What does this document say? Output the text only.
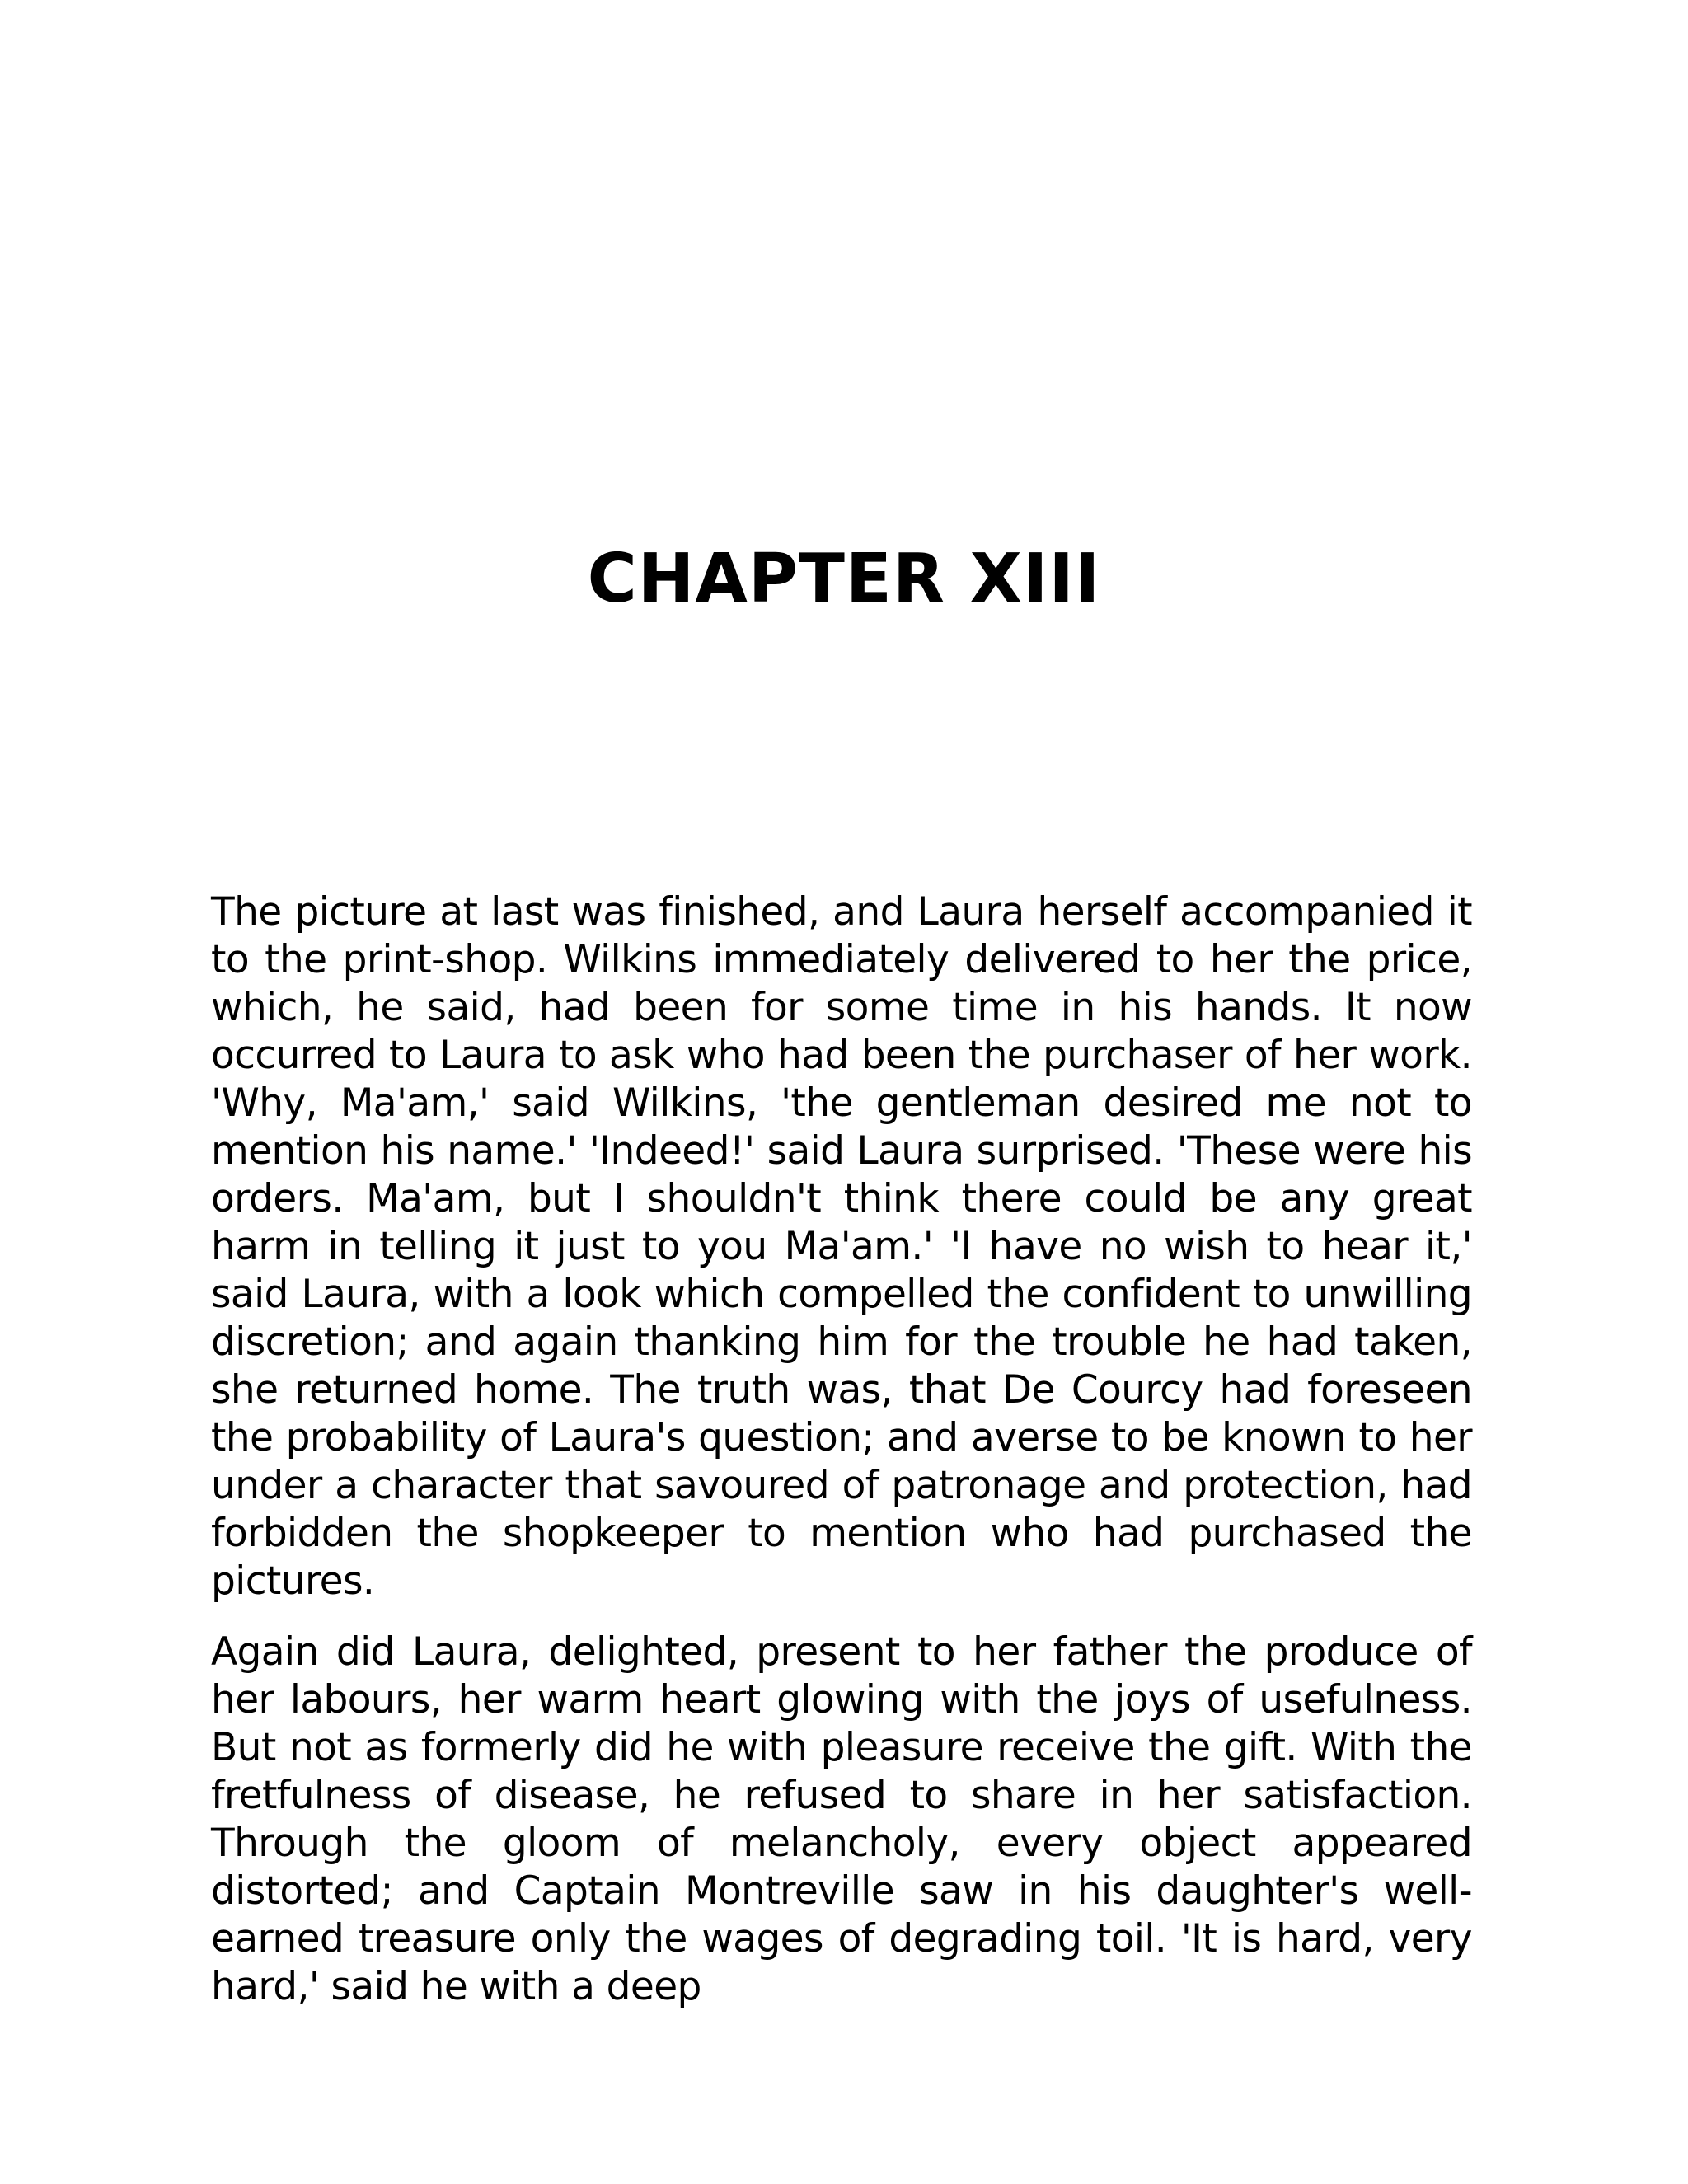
CHAPTER XIII

The picture at last was finished, and Laura herself accompanied it to the print-shop. Wilkins immediately delivered to her the price, which, he said, had been for some time in his hands. It now occurred to Laura to ask who had been the purchaser of her work. 'Why, Ma'am,' said Wilkins, 'the gentleman desired me not to mention his name.' 'Indeed!' said Laura surprised. 'These were his orders. Ma'am, but I shouldn't think there could be any great harm in telling it just to you Ma'am.' 'I have no wish to hear it,' said Laura, with a look which compelled the confident to unwilling discretion; and again thanking him for the trouble he had taken, she returned home. The truth was, that De Courcy had foreseen the probability of Laura's question; and averse to be known to her under a character that savoured of patronage and protection, had forbidden the shopkeeper to mention who had purchased the pictures.

Again did Laura, delighted, present to her father the produce of her labours, her warm heart glowing with the joys of usefulness. But not as formerly did he with pleasure receive the gift. With the fretfulness of disease, he refused to share in her satisfaction. Through the gloom of melancholy, every object appeared distorted; and Captain Montreville saw in his daughter's well-earned treasure only the wages of degrading toil. 'It is hard, very hard,' said he with a deep
